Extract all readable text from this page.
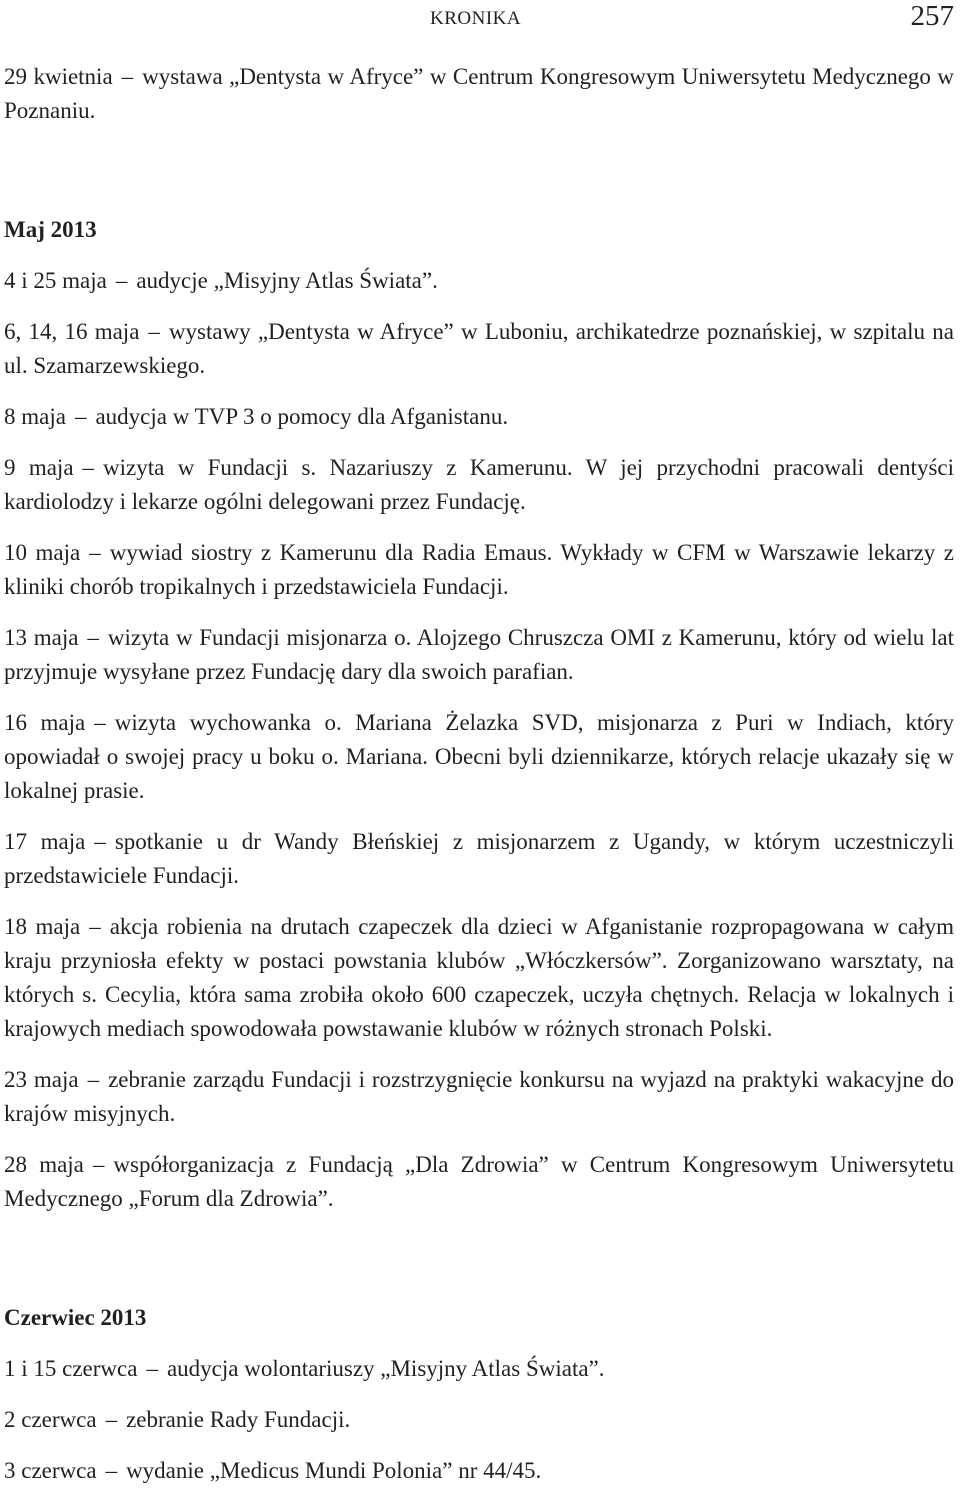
KRONIKA	257

29 kwietnia – wystawa „Dentysta w Afryce” w Centrum Kongresowym Uniwersytetu Medycznego w Poznaniu.

Maj 2013

4 i 25 maja – audycje „Misyjny Atlas Świata”.

6, 14, 16 maja – wystawy „Dentysta w Afryce” w Luboniu, archikatedrze poznańskiej, w szpitalu na ul. Szamarzewskiego.

8 maja – audycja w TVP 3 o pomocy dla Afganistanu.

9 maja – wizyta w Fundacji s. Nazariuszy z Kamerunu. W jej przychodni pracowali dentyści kardiolodzy i lekarze ogólni delegowani przez Fundację.

10 maja – wywiad siostry z Kamerunu dla Radia Emaus. Wykłady w CFM w Warszawie lekarzy z kliniki chorób tropikalnych i przedstawiciela Fundacji.

13 maja – wizyta w Fundacji misjonarza o. Alojzego Chruszcza OMI z Kamerunu, który od wielu lat przyjmuje wysyłane przez Fundację dary dla swoich parafian.

16 maja – wizyta wychowanka o. Mariana Żelazka SVD, misjonarza z Puri w Indiach, który opowiadał o swojej pracy u boku o. Mariana. Obecni byli dziennikarze, których relacje ukazały się w lokalnej prasie.

17 maja – spotkanie u dr Wandy Błeńskiej z misjonarzem z Ugandy, w którym uczestniczyli przedstawiciele Fundacji.

18 maja – akcja robienia na drutach czapeczek dla dzieci w Afganistanie rozpropagowana w całym kraju przyniosła efekty w postaci powstania klubów „Włóczkersów”. Zorganizowano warsztaty, na których s. Cecylia, która sama zrobiła około 600 czapeczek, uczyła chętnych. Relacja w lokalnych i krajowych mediach spowodowała powstawanie klubów w różnych stronach Polski.

23 maja – zebranie zarządu Fundacji i rozstrzygnięcie konkursu na wyjazd na praktyki wakacyjne do krajów misyjnych.

28 maja – współorganizacja z Fundacją „Dla Zdrowia” w Centrum Kongresowym Uniwersytetu Medycznego „Forum dla Zdrowia”.

Czerwiec 2013

1 i 15 czerwca – audycja wolontariuszy „Misyjny Atlas Świata”.

2 czerwca – zebranie Rady Fundacji.

3 czerwca – wydanie „Medicus Mundi Polonia” nr 44/45.
